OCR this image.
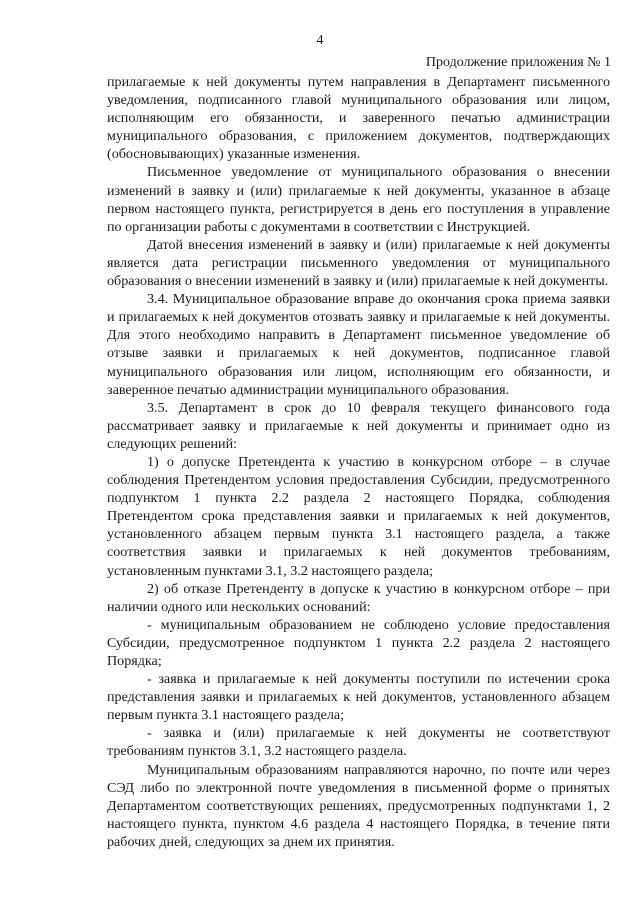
4
Продолжение приложения № 1

прилагаемые к ней документы путем направления в Департамент письменного уведомления, подписанного главой муниципального образования или лицом, исполняющим его обязанности, и заверенного печатью администрации муниципального образования, с приложением документов, подтверждающих (обосновывающих) указанные изменения.

Письменное уведомление от муниципального образования о внесении изменений в заявку и (или) прилагаемые к ней документы, указанное в абзаце первом настоящего пункта, регистрируется в день его поступления в управление по организации работы с документами в соответствии с Инструкцией.

Датой внесения изменений в заявку и (или) прилагаемые к ней документы является дата регистрации письменного уведомления от муниципального образования о внесении изменений в заявку и (или) прилагаемые к ней документы.

3.4. Муниципальное образование вправе до окончания срока приема заявки и прилагаемых к ней документов отозвать заявку и прилагаемые к ней документы. Для этого необходимо направить в Департамент письменное уведомление об отзыве заявки и прилагаемых к ней документов, подписанное главой муниципального образования или лицом, исполняющим его обязанности, и заверенное печатью администрации муниципального образования.

3.5. Департамент в срок до 10 февраля текущего финансового года рассматривает заявку и прилагаемые к ней документы и принимает одно из следующих решений:

1) о допуске Претендента к участию в конкурсном отборе – в случае соблюдения Претендентом условия предоставления Субсидии, предусмотренного подпунктом 1 пункта 2.2 раздела 2 настоящего Порядка, соблюдения Претендентом срока представления заявки и прилагаемых к ней документов, установленного абзацем первым пункта 3.1 настоящего раздела, а также соответствия заявки и прилагаемых к ней документов требованиям, установленным пунктами 3.1, 3.2 настоящего раздела;

2) об отказе Претенденту в допуске к участию в конкурсном отборе – при наличии одного или нескольких оснований:

- муниципальным образованием не соблюдено условие предоставления Субсидии, предусмотренное подпунктом 1 пункта 2.2 раздела 2 настоящего Порядка;

- заявка и прилагаемые к ней документы поступили по истечении срока представления заявки и прилагаемых к ней документов, установленного абзацем первым пункта 3.1 настоящего раздела;

- заявка и (или) прилагаемые к ней документы не соответствуют требованиям пунктов 3.1, 3.2 настоящего раздела.

Муниципальным образованиям направляются нарочно, по почте или через СЭД либо по электронной почте уведомления в письменной форме о принятых Департаментом соответствующих решениях, предусмотренных подпунктами 1, 2 настоящего пункта, пунктом 4.6 раздела 4 настоящего Порядка, в течение пяти рабочих дней, следующих за днем их принятия.
